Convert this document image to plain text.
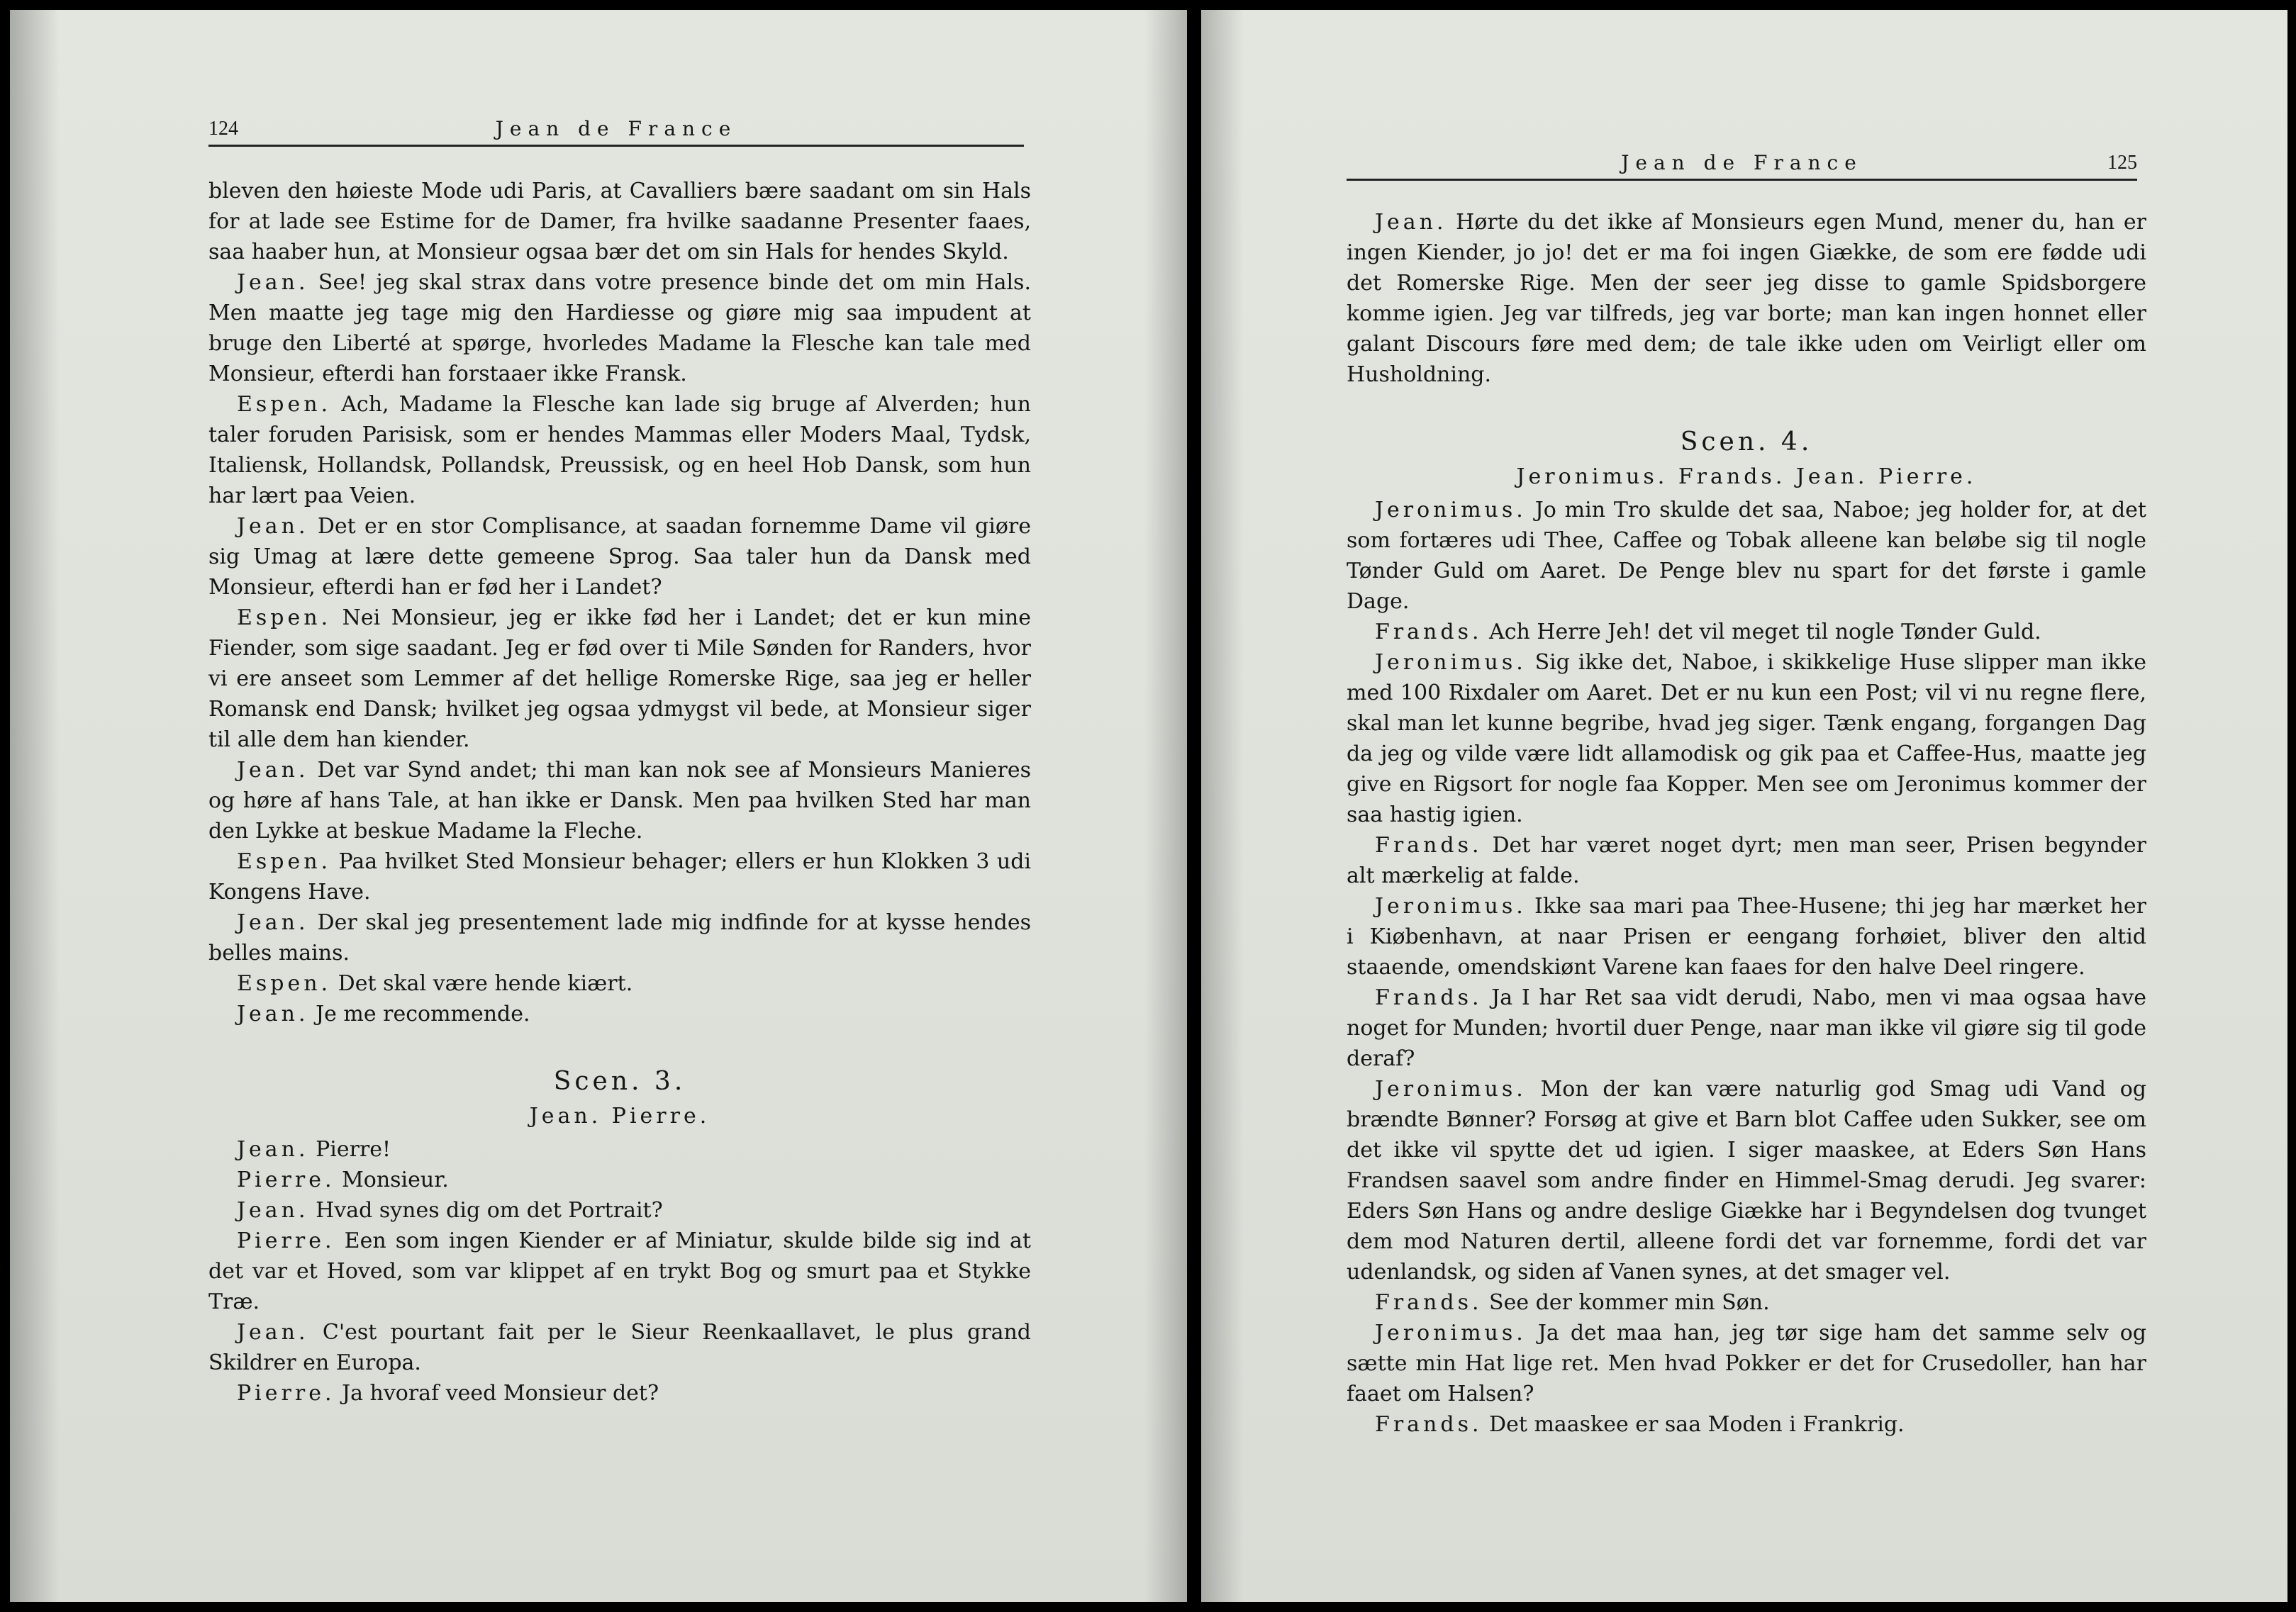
124	Jean de France

bleven den høieste Mode udi Paris, at Cavalliers bære saadant om sin Hals for at lade see Estime for de Damer, fra hvilke saadanne Presenter faaes, saa haaber hun, at Monsieur ogsaa bær det om sin Hals for hendes Skyld.

Jean. See! jeg skal strax dans votre presence binde det om min Hals. Men maatte jeg tage mig den Hardiesse og giøre mig saa impudent at bruge den Liberté at spørge, hvorledes Madame la Flesche kan tale med Monsieur, efterdi han forstaaer ikke Fransk.

Espen. Ach, Madame la Flesche kan lade sig bruge af Alverden; hun taler foruden Parisisk, som er hendes Mammas eller Moders Maal, Tydsk, Italiensk, Hollandsk, Pollandsk, Preussisk, og en heel Hob Dansk, som hun har lært paa Veien.

Jean. Det er en stor Complisance, at saadan fornemme Dame vil giøre sig Umag at lære dette gemeene Sprog. Saa taler hun da Dansk med Monsieur, efterdi han er fød her i Landet?

Espen. Nei Monsieur, jeg er ikke fød her i Landet; det er kun mine Fiender, som sige saadant. Jeg er fød over ti Mile Sønden for Randers, hvor vi ere anseet som Lemmer af det hellige Romerske Rige, saa jeg er heller Romansk end Dansk; hvilket jeg ogsaa ydmygst vil bede, at Monsieur siger til alle dem han kiender.

Jean. Det var Synd andet; thi man kan nok see af Monsieurs Manieres og høre af hans Tale, at han ikke er Dansk. Men paa hvilken Sted har man den Lykke at beskue Madame la Fleche.

Espen. Paa hvilket Sted Monsieur behager; ellers er hun Klokken 3 udi Kongens Have.

Jean. Der skal jeg presentement lade mig indfinde for at kysse hendes belles mains.

Espen. Det skal være hende kiært.

Jean. Je me recommende.

Scen. 3.

Jean. Pierre.

Jean. Pierre!

Pierre. Monsieur.

Jean. Hvad synes dig om det Portrait?

Pierre. Een som ingen Kiender er af Miniatur, skulde bilde sig ind at det var et Hoved, som var klippet af en trykt Bog og smurt paa et Stykke Træ.

Jean. C'est pourtant fait per le Sieur Reenkaallavet, le plus grand Skildrer en Europa.

Pierre. Ja hvoraf veed Monsieur det?

Jean de France	125

Jean. Hørte du det ikke af Monsieurs egen Mund, mener du, han er ingen Kiender, jo jo! det er ma foi ingen Giække, de som ere fødde udi det Romerske Rige. Men der seer jeg disse to gamle Spidsborgere komme igien. Jeg var tilfreds, jeg var borte; man kan ingen honnet eller galant Discours føre med dem; de tale ikke uden om Veirligt eller om Husholdning.

Scen. 4.

Jeronimus. Frands. Jean. Pierre.

Jeronimus. Jo min Tro skulde det saa, Naboe; jeg holder for, at det som fortæres udi Thee, Caffee og Tobak alleene kan beløbe sig til nogle Tønder Guld om Aaret. De Penge blev nu spart for det første i gamle Dage.

Frands. Ach Herre Jeh! det vil meget til nogle Tønder Guld.

Jeronimus. Sig ikke det, Naboe, i skikkelige Huse slipper man ikke med 100 Rixdaler om Aaret. Det er nu kun een Post; vil vi nu regne flere, skal man let kunne begribe, hvad jeg siger. Tænk engang, forgangen Dag da jeg og vilde være lidt allamodisk og gik paa et Caffee-Hus, maatte jeg give en Rigsort for nogle faa Kopper. Men see om Jeronimus kommer der saa hastig igien.

Frands. Det har været noget dyrt; men man seer, Prisen begynder alt mærkelig at falde.

Jeronimus. Ikke saa mari paa Thee-Husene; thi jeg har mærket her i Kiøbenhavn, at naar Prisen er eengang forhøiet, bliver den altid staaende, omendskiønt Varene kan faaes for den halve Deel ringere.

Frands. Ja I har Ret saa vidt derudi, Nabo, men vi maa ogsaa have noget for Munden; hvortil duer Penge, naar man ikke vil giøre sig til gode deraf?

Jeronimus. Mon der kan være naturlig god Smag udi Vand og brændte Bønner? Forsøg at give et Barn blot Caffee uden Sukker, see om det ikke vil spytte det ud igien. I siger maaskee, at Eders Søn Hans Frandsen saavel som andre finder en Himmel-Smag derudi. Jeg svarer: Eders Søn Hans og andre deslige Giække har i Begyndelsen dog tvunget dem mod Naturen dertil, alleene fordi det var fornemme, fordi det var udenlandsk, og siden af Vanen synes, at det smager vel.

Frands. See der kommer min Søn.

Jeronimus. Ja det maa han, jeg tør sige ham det samme selv og sætte min Hat lige ret. Men hvad Pokker er det for Crusedoller, han har faaet om Halsen?

Frands. Det maaskee er saa Moden i Frankrig.
